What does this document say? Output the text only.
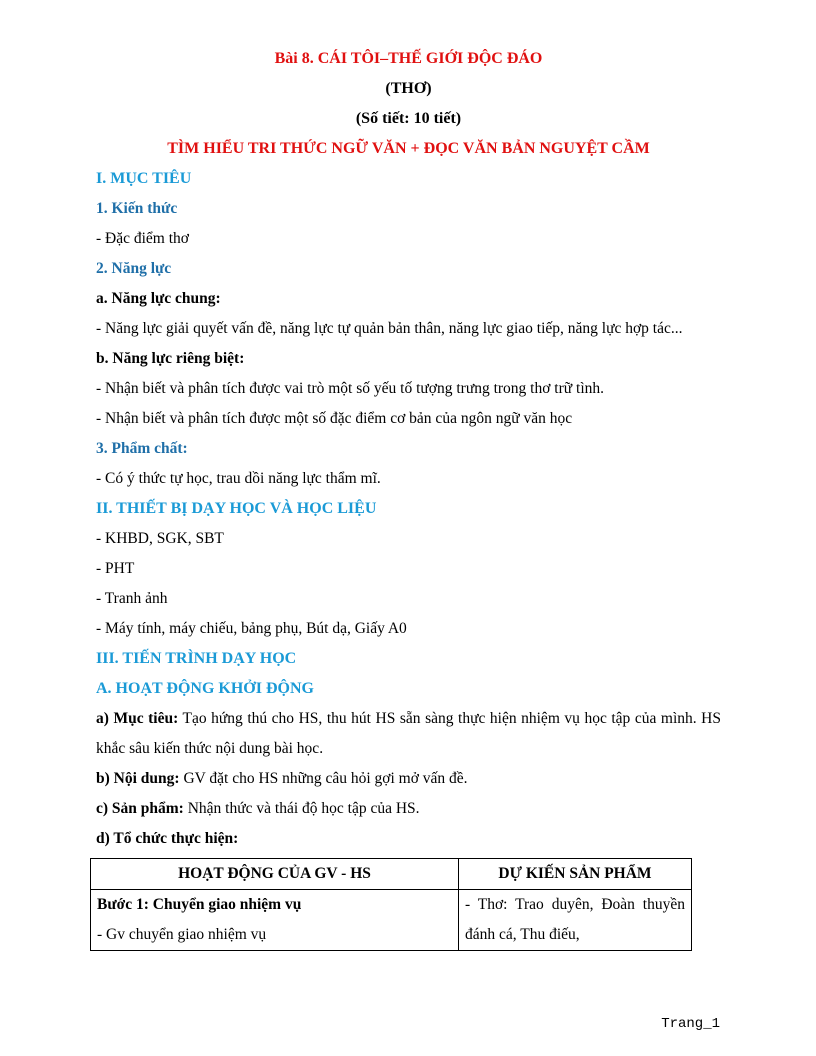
Bài 8. CÁI TÔI–THẾ GIỚI ĐỘC ĐÁO
(THƠ)
(Số tiết: 10 tiết)
TÌM HIỂU TRI THỨC NGỮ VĂN + ĐỌC VĂN BẢN NGUYỆT CẦM
I. MỤC TIÊU
1. Kiến thức
- Đặc điểm thơ
2. Năng lực
a. Năng lực chung:
- Năng lực giải quyết vấn đề, năng lực tự quản bản thân, năng lực giao tiếp, năng lực hợp tác...
b. Năng lực riêng biệt:
- Nhận biết và phân tích được vai trò một số yếu tố tượng trưng trong thơ trữ tình.
- Nhận biết và phân tích được một số đặc điểm cơ bản của ngôn ngữ văn học
3. Phẩm chất:
- Có ý thức tự học, trau dồi năng lực thẩm mĩ.
II. THIẾT BỊ DẠY HỌC VÀ HỌC LIỆU
- KHBD, SGK, SBT
- PHT
- Tranh ảnh
- Máy tính, máy chiếu, bảng phụ, Bút dạ, Giấy A0
III. TIẾN TRÌNH DẠY HỌC
A. HOẠT ĐỘNG KHỞI ĐỘNG
a) Mục tiêu: Tạo hứng thú cho HS, thu hút HS sẵn sàng thực hiện nhiệm vụ học tập của mình. HS khắc sâu kiến thức nội dung bài học.
b) Nội dung: GV đặt cho HS những câu hỏi gợi mở vấn đề.
c) Sản phẩm: Nhận thức và thái độ học tập của HS.
d) Tổ chức thực hiện:
HOẠT ĐỘNG CỦA GV - HS	DỰ KIẾN SẢN PHẨM

Bước 1: Chuyển giao nhiệm vụ
- Gv chuyển giao nhiệm vụ	- Thơ: Trao duyên, Đoàn thuyền đánh cá, Thu điếu,
Trang_1
